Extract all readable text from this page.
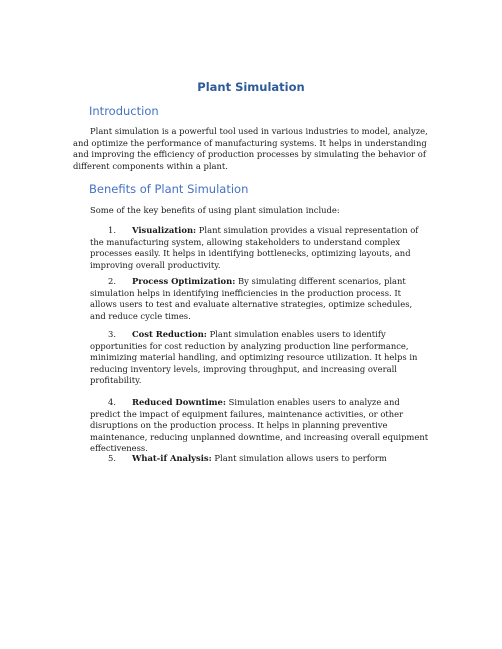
Plant Simulation
Introduction

Plant simulation is a powerful tool used in various industries to model, analyze, and optimize the performance of manufacturing systems. It helps in understanding and improving the efficiency of production processes by simulating the behavior of different components within a plant.

Benefits of Plant Simulation

Some of the key benefits of using plant simulation include:

1. Visualization: Plant simulation provides a visual representation of the manufacturing system, allowing stakeholders to understand complex processes easily. It helps in identifying bottlenecks, optimizing layouts, and improving overall productivity.

2. Process Optimization: By simulating different scenarios, plant simulation helps in identifying inefficiencies in the production process. It allows users to test and evaluate alternative strategies, optimize schedules, and reduce cycle times.

3. Cost Reduction: Plant simulation enables users to identify opportunities for cost reduction by analyzing production line performance, minimizing material handling, and optimizing resource utilization. It helps in reducing inventory levels, improving throughput, and increasing overall profitability.

4. Reduced Downtime: Simulation enables users to analyze and predict the impact of equipment failures, maintenance activities, or other disruptions on the production process. It helps in planning preventive maintenance, reducing unplanned downtime, and increasing overall equipment effectiveness.

5. What-if Analysis: Plant simulation allows users to perform
